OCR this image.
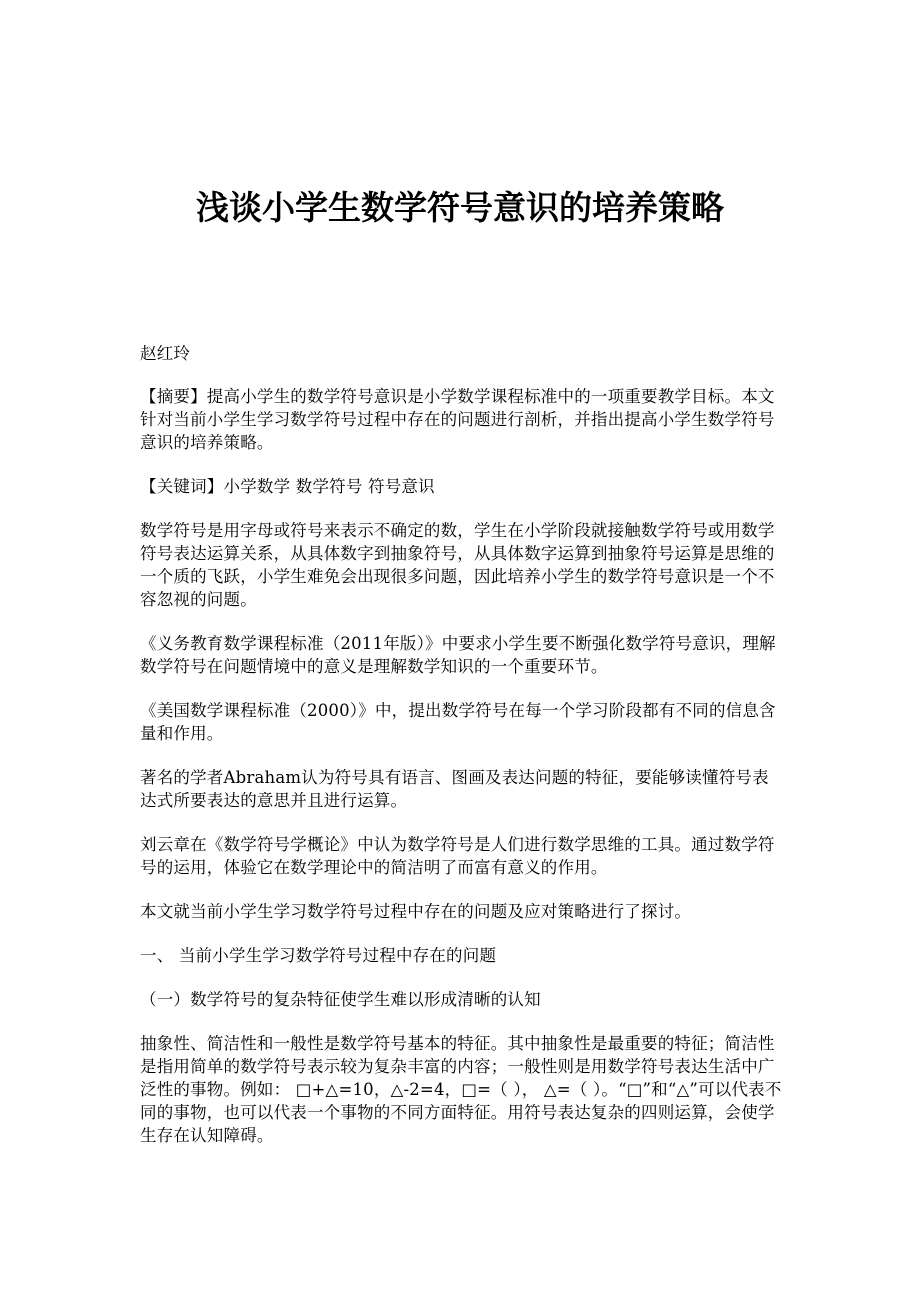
浅谈小学生数学符号意识的培养策略

赵红玲

【摘要】提高小学生的数学符号意识是小学数学课程标准中的一项重要教学目标。本文针对当前小学生学习数学符号过程中存在的问题进行剖析，并指出提高小学生数学符号意识的培养策略。

【关键词】小学数学 数学符号 符号意识

数学符号是用字母或符号来表示不确定的数，学生在小学阶段就接触数学符号或用数学符号表达运算关系，从具体数字到抽象符号，从具体数字运算到抽象符号运算是思维的一个质的飞跃，小学生难免会出现很多问题，因此培养小学生的数学符号意识是一个不容忽视的问题。

《义务教育数学课程标准（2011年版）》中要求小学生要不断强化数学符号意识，理解数学符号在问题情境中的意义是理解数学知识的一个重要环节。

《美国数学课程标准（2000）》中，提出数学符号在每一个学习阶段都有不同的信息含量和作用。

著名的学者Abraham认为符号具有语言、图画及表达问题的特征，要能够读懂符号表达式所要表达的意思并且进行运算。

刘云章在《数学符号学概论》中认为数学符号是人们进行数学思维的工具。通过数学符号的运用，体验它在数学理论中的简洁明了而富有意义的作用。

本文就当前小学生学习数学符号过程中存在的问题及应对策略进行了探讨。

一、 当前小学生学习数学符号过程中存在的问题

（一）数学符号的复杂特征使学生难以形成清晰的认知

抽象性、简洁性和一般性是数学符号基本的特征。其中抽象性是最重要的特征；简洁性是指用简单的数学符号表示较为复杂丰富的内容；一般性则是用数学符号表达生活中广泛性的事物。例如： □+△=10，△-2=4，□=（ ）， △=（ ）。“□”和“△”可以代表不同的事物，也可以代表一个事物的不同方面特征。用符号表达复杂的四则运算，会使学生存在认知障碍。
